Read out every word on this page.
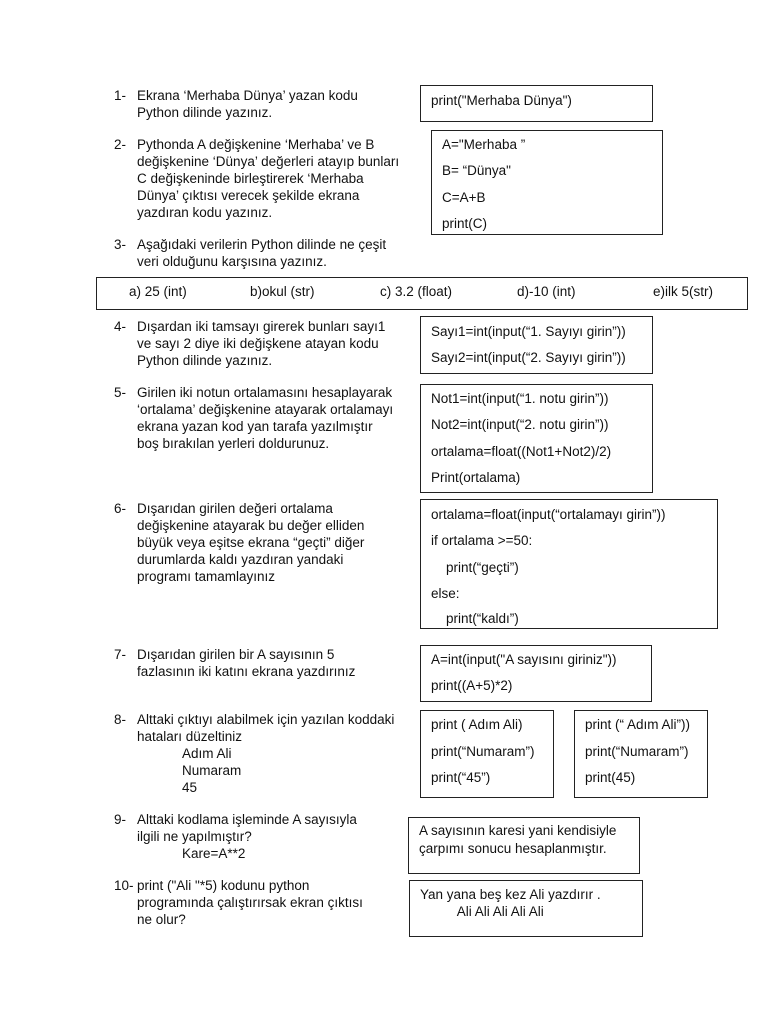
1- Ekrana ‘Merhaba Dünya’ yazan kodu
Python dilinde yazınız.
print("Merhaba Dünya")
2- Pythonda A değişkenine ‘Merhaba’ ve B
değişkenine ‘Dünya’ değerleri atayıp bunları
C değişkeninde birleştirerek ‘Merhaba
Dünya’ çıktısı verecek şekilde ekrana
yazdıran kodu yazınız.
A="Merhaba ”
B= “Dünya"
C=A+B
print(C)
3- Aşağıdaki verilerin Python dilinde ne çeşit
veri olduğunu karşısına yazınız.
a) 25 (int)	b)okul (str)	c) 3.2 (float)	d)-10 (int)	e)ilk 5(str)
4- Dışardan iki tamsayı girerek bunları sayı1
ve sayı 2 diye iki değişkene atayan kodu
Python dilinde yazınız.
Sayı1=int(input(“1. Sayıyı girin”))
Sayı2=int(input(“2. Sayıyı girin”))
5- Girilen iki notun ortalamasını hesaplayarak
‘ortalama’ değişkenine atayarak ortalamayı
ekrana yazan kod yan tarafa yazılmıştır
boş bırakılan yerleri doldurunuz.
Not1=int(input(“1. notu girin”))
Not2=int(input(“2. notu girin”))
ortalama=float((Not1+Not2)/2)
Print(ortalama)
6- Dışarıdan girilen değeri ortalama
değişkenine atayarak bu değer elliden
büyük veya eşitse ekrana “geçti” diğer
durumlarda kaldı yazdıran yandaki
programı tamamlayınız
ortalama=float(input(“ortalamayı girin”))
if ortalama >=50:
print(“geçti”)
else:
print(“kaldı”)
7- Dışarıdan girilen bir A sayısının 5
fazlasının iki katını ekrana yazdırınız
A=int(input("A sayısını giriniz"))
print((A+5)*2)
8- Alttaki çıktıyı alabilmek için yazılan koddaki
hataları düzeltiniz
Adım Ali
Numaram
45
print ( Adım Ali)
print(“Numaram”)
print(“45”)
print (“ Adım Ali”))
print(“Numaram”)
print(45)
9- Alttaki kodlama işleminde A sayısıyla
ilgili ne yapılmıştır?
Kare=A**2
A sayısının karesi yani kendisiyle
çarpımı sonucu hesaplanmıştır.
10- print ("Ali "*5) kodunu python
programında çalıştırırsak ekran çıktısı
ne olur?
Yan yana beş kez Ali yazdırır .
Ali Ali Ali Ali Ali
